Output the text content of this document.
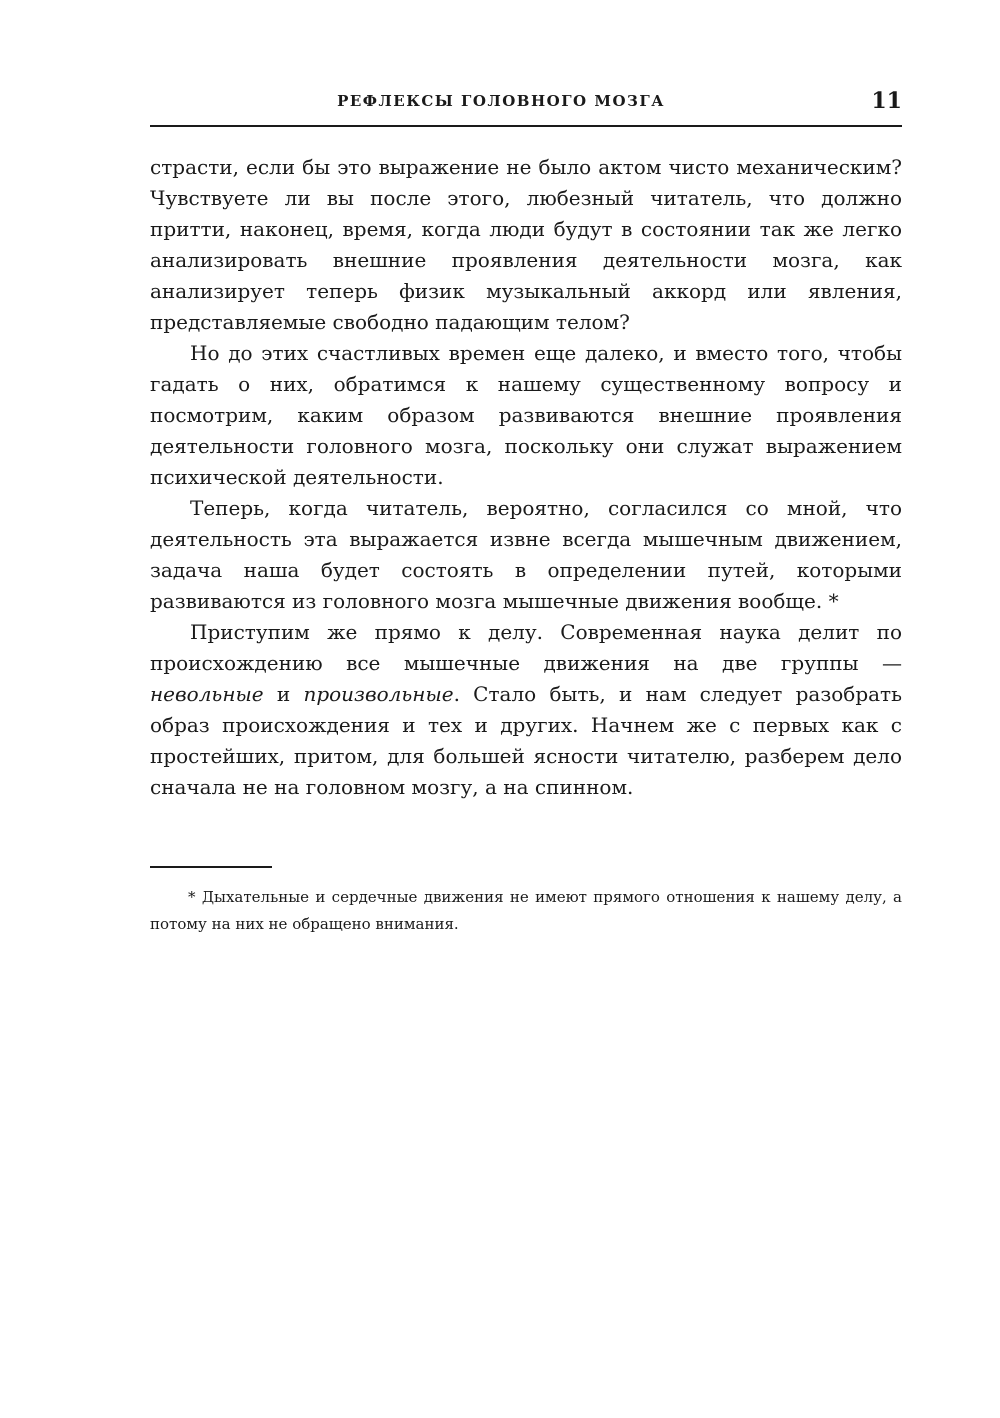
РЕФЛЕКСЫ ГОЛОВНОГО МОЗГА	11

страсти, если бы это выражение не было актом чисто механическим? Чувствуете ли вы после этого, любезный читатель, что должно притти, наконец, время, когда люди будут в состоянии так же легко анализировать внешние проявления деятельности мозга, как анализирует теперь физик музыкальный аккорд или явления, представляемые свободно падающим телом?

Но до этих счастливых времен еще далеко, и вместо того, чтобы гадать о них, обратимся к нашему существенному вопросу и посмотрим, каким образом развиваются внешние проявления деятельности головного мозга, поскольку они служат выражением психической деятельности.

Теперь, когда читатель, вероятно, согласился со мной, что деятельность эта выражается извне всегда мышечным движением, задача наша будет состоять в определении путей, которыми развиваются из головного мозга мышечные движения вообще. *

Приступим же прямо к делу. Современная наука делит по происхождению все мышечные движения на две группы — невольные и произвольные. Стало быть, и нам следует разобрать образ происхождения и тех и других. Начнем же с первых как с простейших, притом, для большей ясности читателю, разберем дело сначала не на головном мозгу, а на спинном.

* Дыхательные и сердечные движения не имеют прямого отношения к нашему делу, а потому на них не обращено внимания.
